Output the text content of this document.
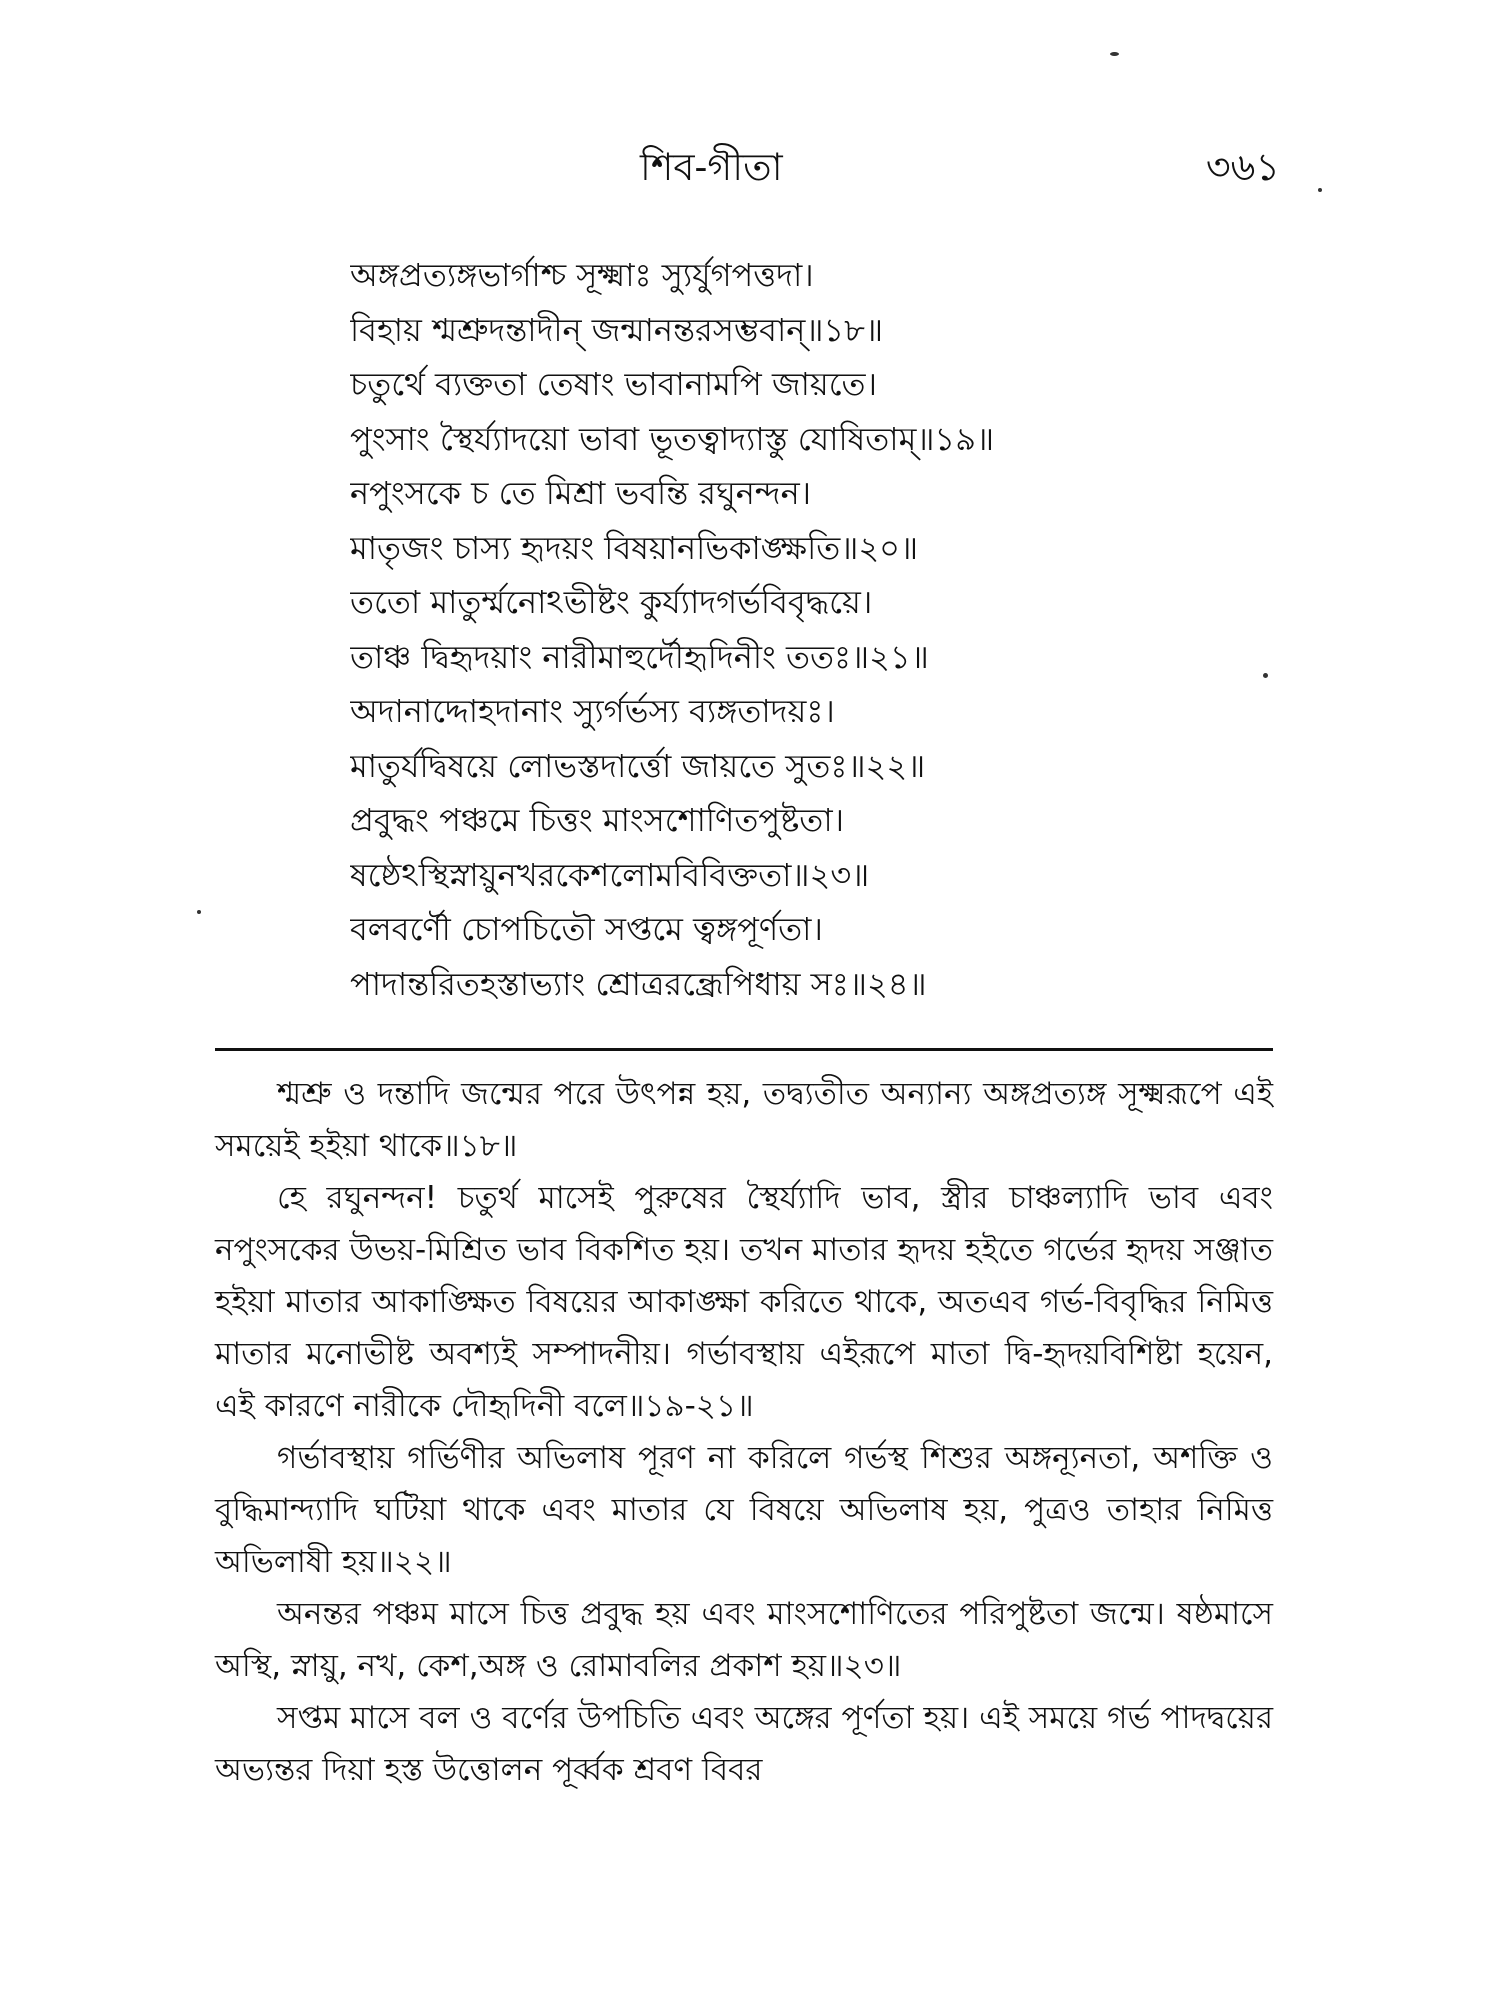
শিব-গীতা	৩৬১
অঙ্গপ্রত্যঙ্গভার্গাশ্চ সূক্ষ্মাঃ স্যুর্যুগপত্তদা।
বিহায় শ্মশ্রুদন্তাদীন্ জন্মানন্তরসম্ভবান্॥১৮॥
চতুর্থে ব্যক্ততা তেষাং ভাবানামপি জায়তে।
পুংসাং স্থৈর্য্যাদয়ো ভাবা ভূতত্বাদ্যাস্তু যোষিতাম্॥১৯॥
নপুংসকে চ তে মিশ্রা ভবন্তি রঘুনন্দন।
মাতৃজং চাস্য হৃদয়ং বিষয়ানভিকাঙ্ক্ষতি॥২০॥
ততো মাতুর্ম্মনোঽভীষ্টং কুর্য্যাদগর্ভবিবৃদ্ধয়ে।
তাঞ্চ দ্বিহৃদয়াং নারীমাহুর্দৌহৃদিনীং ততঃ॥২১॥
অদানাদ্দোহদানাং স্যুর্গর্ভস্য ব্যঙ্গতাদয়ঃ।
মাতুর্যদ্বিষয়ে লোভস্তদার্ত্তো জায়তে সুতঃ॥২২॥
প্রবুদ্ধং পঞ্চমে চিত্তং মাংসশোণিতপুষ্টতা।
ষষ্ঠেঽস্থিস্নায়ুনখরকেশলোমবিবিক্ততা॥২৩॥
বলবর্ণৌ চোপচিতৌ সপ্তমে ত্বঙ্গপূর্ণতা।
পাদান্তরিতহস্তাভ্যাং শ্রোত্ররন্ধ্রেপিধায় সঃ॥২৪॥

শ্মশ্রু ও দন্তাদি জন্মের পরে উৎপন্ন হয়, তদ্ব্যতীত অন্যান্য অঙ্গপ্রত্যঙ্গ সূক্ষ্মরূপে এই সময়েই হইয়া থাকে॥১৮॥

হে রঘুনন্দন! চতুর্থ মাসেই পুরুষের স্থৈর্য্যাদি ভাব, স্ত্রীর চাঞ্চল্যাদি ভাব এবং নপুংসকের উভয়-মিশ্রিত ভাব বিকশিত হয়। তখন মাতার হৃদয় হইতে গর্ভের হৃদয় সঞ্জাত হইয়া মাতার আকাঙ্ক্ষিত বিষয়ের আকাঙ্ক্ষা করিতে থাকে, অতএব গর্ভ-বিবৃদ্ধির নিমিত্ত মাতার মনোভীষ্ট অবশ্যই সম্পাদনীয়। গর্ভাবস্থায় এইরূপে মাতা দ্বি-হৃদয়বিশিষ্টা হয়েন, এই কারণে নারীকে দৌহৃদিনী বলে॥১৯-২১॥

গর্ভাবস্থায় গর্ভিণীর অভিলাষ পূরণ না করিলে গর্ভস্থ শিশুর অঙ্গন্যূনতা, অশক্তি ও বুদ্ধিমান্দ্যাদি ঘটিয়া থাকে এবং মাতার যে বিষয়ে অভিলাষ হয়, পুত্রও তাহার নিমিত্ত অভিলাষী হয়॥২২॥

অনন্তর পঞ্চম মাসে চিত্ত প্রবুদ্ধ হয় এবং মাংসশোণিতের পরিপুষ্টতা জন্মে। ষষ্ঠমাসে অস্থি, স্নায়ু, নখ, কেশ,অঙ্গ ও রোমাবলির প্রকাশ হয়॥২৩॥

সপ্তম মাসে বল ও বর্ণের উপচিতি এবং অঙ্গের পূর্ণতা হয়। এই সময়ে গর্ভ পাদদ্বয়ের অভ্যন্তর দিয়া হস্ত উত্তোলন পূর্ব্বক শ্রবণ বিবর
